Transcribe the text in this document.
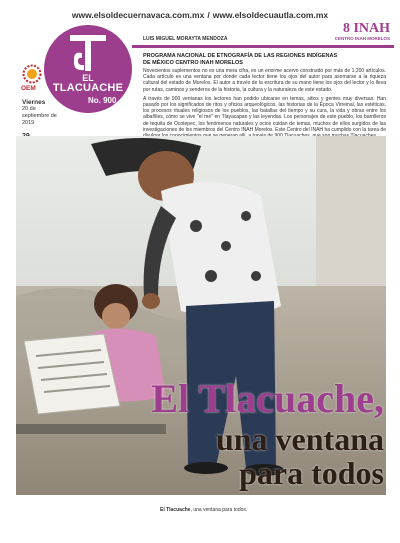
www.elsoldecuernavaca.com.mx / www.elsoldecuautla.com.mx
EL
TLACUACHE
No. 900
OEM
Viernes
20 de septiembre de 2019
8 INAH
CENTRO INAH MORELOS
LUIS MIGUEL MORAYTA MENDOZA
PROGRAMA NACIONAL DE ETNOGRAFÍA DE LAS REGIONES INDÍGENAS DE MÉXICO CENTRO INAH MORELOS

Novecientos suplementos no es una mera cifra, es un enorme acervo construido por más de 1,200 artículos. Cada artículo es una ventana por donde cada lector tiene los ojos del autor para asomarse a la riqueza cultural del estado de Morelos. El autor a través de la escritura de su mano tiene los ojos del lector y lo lleva por rutas, caminos y senderos de la historia, la cultura y la naturaleza de este estado.

A través de 900 ventanas los lectores han podido ubicarse en temas, sitios y gentes muy diversas. Han pasado por los significados de ritos y oficios arqueológicos, las historias de la Época Virreinal, las estéticas, los procesos rituales religiosos de los pueblos, las batallas del tiempo y su cura, la vida y obras entre los albañiles, cómo se vive "el mé" en Tlayacapan y las leyendas. Los personajes de este pueblo, los barrilleros de tequila de Ocotepec, los fenómenos naturales y ocios cuidan de temas, muchos de ellos surgidos de las investigaciones de los miembros del Centro INAH Morelos. Este Centro del INAH ha cumplido con la tarea de

El Tlacuache,
una ventana
para todos
El Tlacuache, una ventana para todos.
